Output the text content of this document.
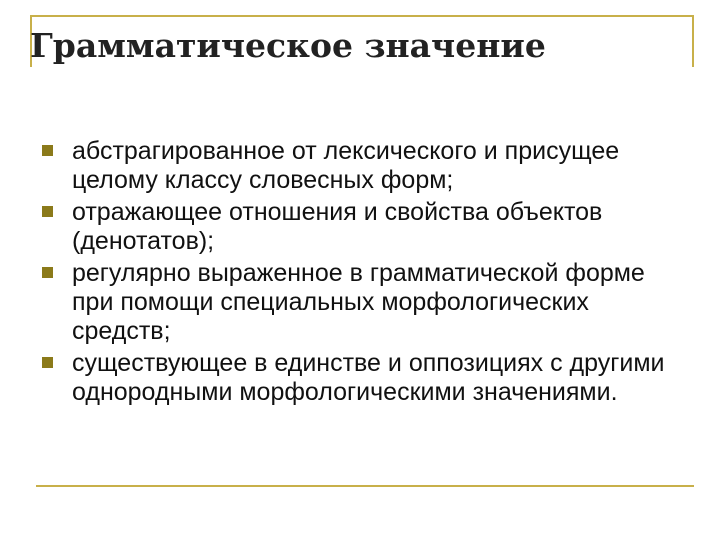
Грамматическое значение
абстрагированное от лексического и присущее целому классу словесных форм;
отражающее отношения и свойства объектов (денотатов);
регулярно выраженное в грамматической форме при помощи специальных морфологических средств;
существующее в единстве и оппозициях с другими однородными морфологическими значениями.
